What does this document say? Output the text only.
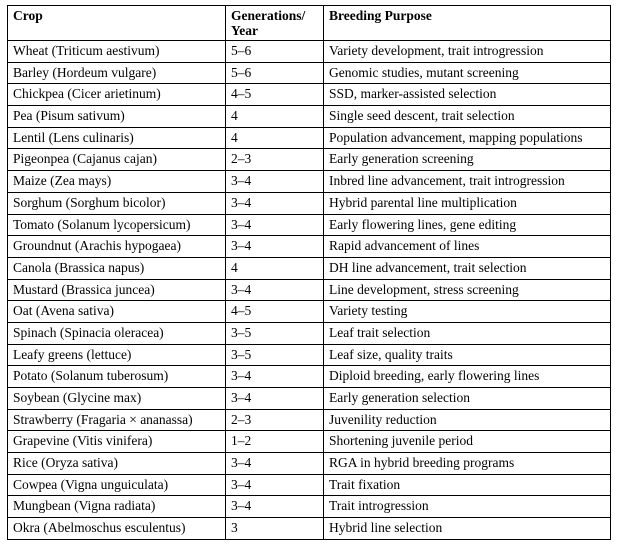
Crop	Generations/ Year	Breeding Purpose
Wheat (Triticum aestivum)	5–6	Variety development, trait introgression
Barley (Hordeum vulgare)	5–6	Genomic studies, mutant screening
Chickpea (Cicer arietinum)	4–5	SSD, marker-assisted selection
Pea (Pisum sativum)	4	Single seed descent, trait selection
Lentil (Lens culinaris)	4	Population advancement, mapping populations
Pigeonpea (Cajanus cajan)	2–3	Early generation screening
Maize (Zea mays)	3–4	Inbred line advancement, trait introgression
Sorghum (Sorghum bicolor)	3–4	Hybrid parental line multiplication
Tomato (Solanum lycopersicum)	3–4	Early flowering lines, gene editing
Groundnut (Arachis hypogaea)	3–4	Rapid advancement of lines
Canola (Brassica napus)	4	DH line advancement, trait selection
Mustard (Brassica juncea)	3–4	Line development, stress screening
Oat (Avena sativa)	4–5	Variety testing
Spinach (Spinacia oleracea)	3–5	Leaf trait selection
Leafy greens (lettuce)	3–5	Leaf size, quality traits
Potato (Solanum tuberosum)	3–4	Diploid breeding, early flowering lines
Soybean (Glycine max)	3–4	Early generation selection
Strawberry (Fragaria × ananassa)	2–3	Juvenility reduction
Grapevine (Vitis vinifera)	1–2	Shortening juvenile period
Rice (Oryza sativa)	3–4	RGA in hybrid breeding programs
Cowpea (Vigna unguiculata)	3–4	Trait fixation
Mungbean (Vigna radiata)	3–4	Trait introgression
Okra (Abelmoschus esculentus)	3	Hybrid line selection
